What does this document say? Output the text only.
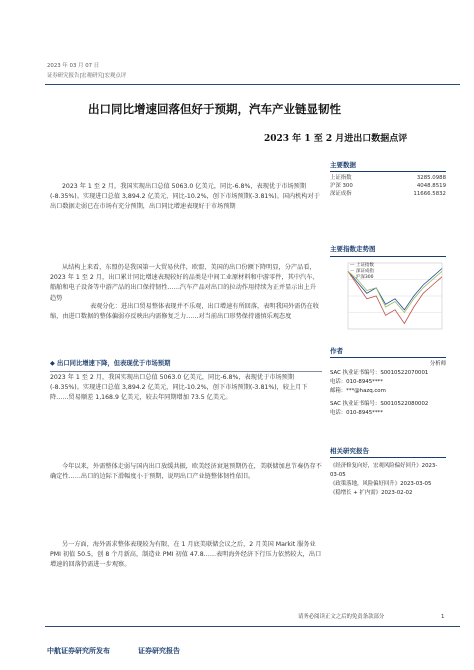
2023 年 03 月 07 日
证券研究报告|宏观研究|宏观点评
出口同比增速回落但好于预期，汽车产业链显韧性
2023 年 1 至 2 月进出口数据点评
2023 年 1 至 2 月，我国实现出口总值 5063.0 亿美元，同比-6.8%，表现优于市场预期(-8.35%)。实现进口总值 3,894.2 亿美元，同比-10.2%，创下市场预期(-3.81%)。国内机构对于出口数据走弱已在市场有充分预期，出口同比增速表现好于市场预期
从结构上来看，东盟仍是我国第一大贸易伙伴，欧盟、美国的出口份额下降明显，分产品看，2023 年 1 至 2 月，出口累计同比增速表现较好的品类是中间工业原材料和中游零件，其中汽车、船舶和电子设备等中游产品的出口保持韧性……汽车产品对出口的拉动作用持续为正并显示出上升趋势
表观分化：进出口贸易整体表现并不乐观，出口增速有所回落，表明我国外需仍在收缩，由进口数据的整体偏弱亦反映出内需修复乏力……对当前出口形势保持谨慎乐观态度
◆ 出口同比增速下降，但表现优于市场预期
2023 年 1 至 2 月，我国实现出口总值 5063.0 亿美元，同比-6.8%，表现优于市场预期(-8.35%)。实现进口总值 3,894.2 亿美元，同比-10.2%，创下市场预期(-3.81%)，较上月下降……贸易顺差 1,168.9 亿美元，较去年同期增加 73.5 亿美元。
今年以来，外需整体走弱与国内出口放缓共振，欧美经济衰退预期仍在，美联储加息节奏仍存不确定性……出口的边际下滑幅度小于预期，说明出口产业链整体韧性依旧。
另一方面，海外需求整体表现较为有限，在 1 月底美联储会议之后，2 月美国 Markit 服务业 PMI 初值 50.5，创 8 个月新高，制造业 PMI 初值 47.8……表明海外经济下行压力依然较大，出口增速的回落仍需进一步观察。
主要数据
上证指数	3285.0988
沪深 300	4048.8519
深证成指	11666.5832
主要指数走势图
— 上证指数
— 深证成指
— 沪深300
作者
分析师
SAC 执业证书编号：S0010522070001
电话：010-8945****
邮箱：***@hazq.com
SAC 执业证书编号：S0010522080002
电话：010-8945****
相关研究报告
《经济修复向好，宏观风险偏好回升》2023-03-05
《政策落地，风险偏好回升》2023-03-05
《稳增长 + 扩内需》2023-02-02
请务必阅读正文之后的免责条款部分	1
中航证券研究所发布	证券研究报告
